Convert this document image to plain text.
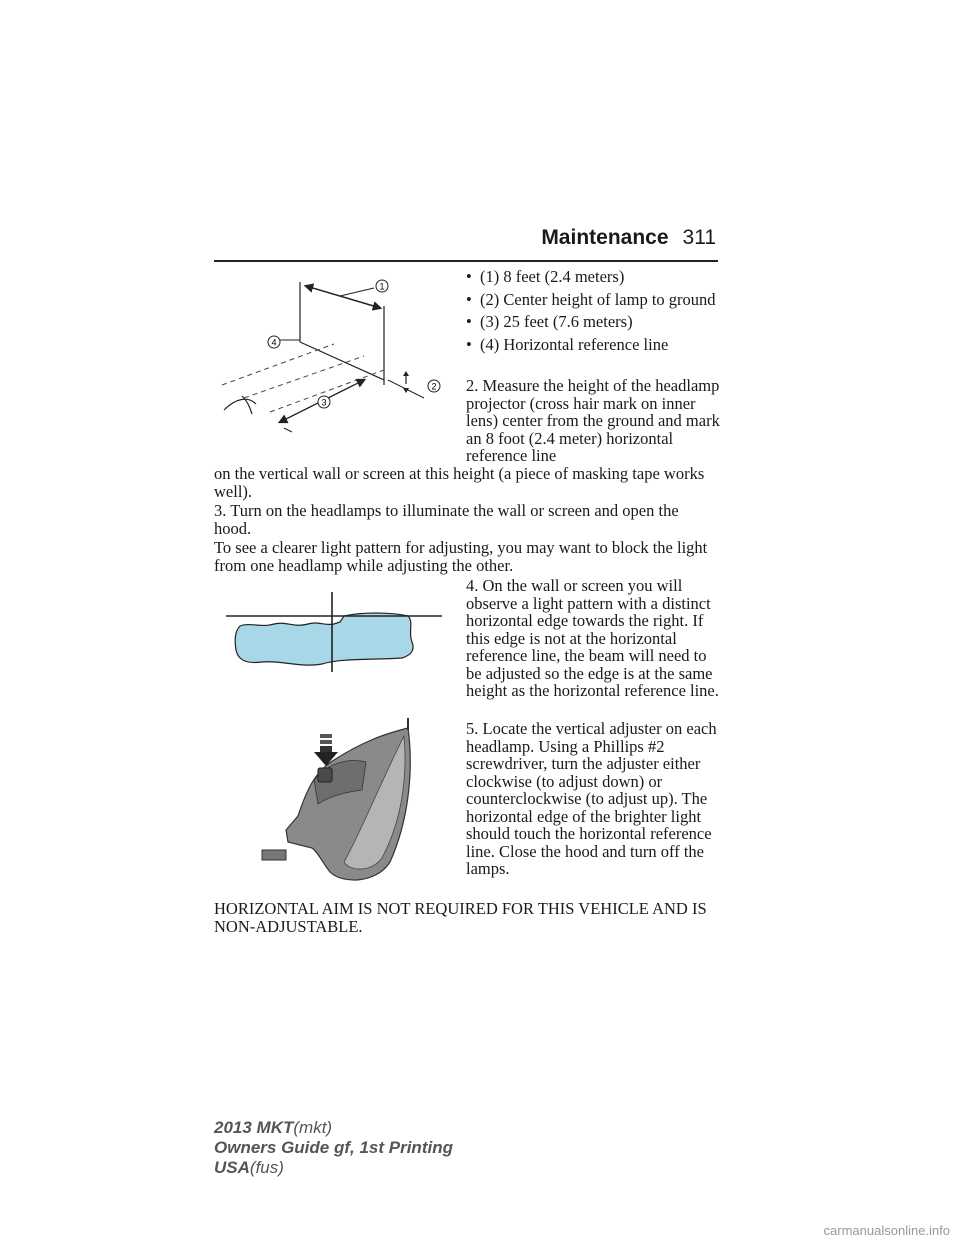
Maintenance 311
1
2
3
4
• (1) 8 feet (2.4 meters)
• (2) Center height of lamp to ground
• (3) 25 feet (7.6 meters)
• (4) Horizontal reference line

2. Measure the height of the headlamp projector (cross hair mark on inner lens) center from the ground and mark an 8 foot (2.4 meter) horizontal reference line

on the vertical wall or screen at this height (a piece of masking tape works well).

3. Turn on the headlamps to illuminate the wall or screen and open the hood.

To see a clearer light pattern for adjusting, you may want to block the light from one headlamp while adjusting the other.

4. On the wall or screen you will observe a light pattern with a distinct horizontal edge towards the right. If this edge is not at the horizontal reference line, the beam will need to be adjusted so the edge is at the same height as the horizontal reference line.

5. Locate the vertical adjuster on each headlamp. Using a Phillips #2 screwdriver, turn the adjuster either clockwise (to adjust down) or counterclockwise (to adjust up). The horizontal edge of the brighter light should touch the horizontal reference line. Close the hood and turn off the lamps.

HORIZONTAL AIM IS NOT REQUIRED FOR THIS VEHICLE AND IS NON-ADJUSTABLE.

2013 MKT(mkt)
Owners Guide gf, 1st Printing
USA(fus)
carmanualsonline.info
